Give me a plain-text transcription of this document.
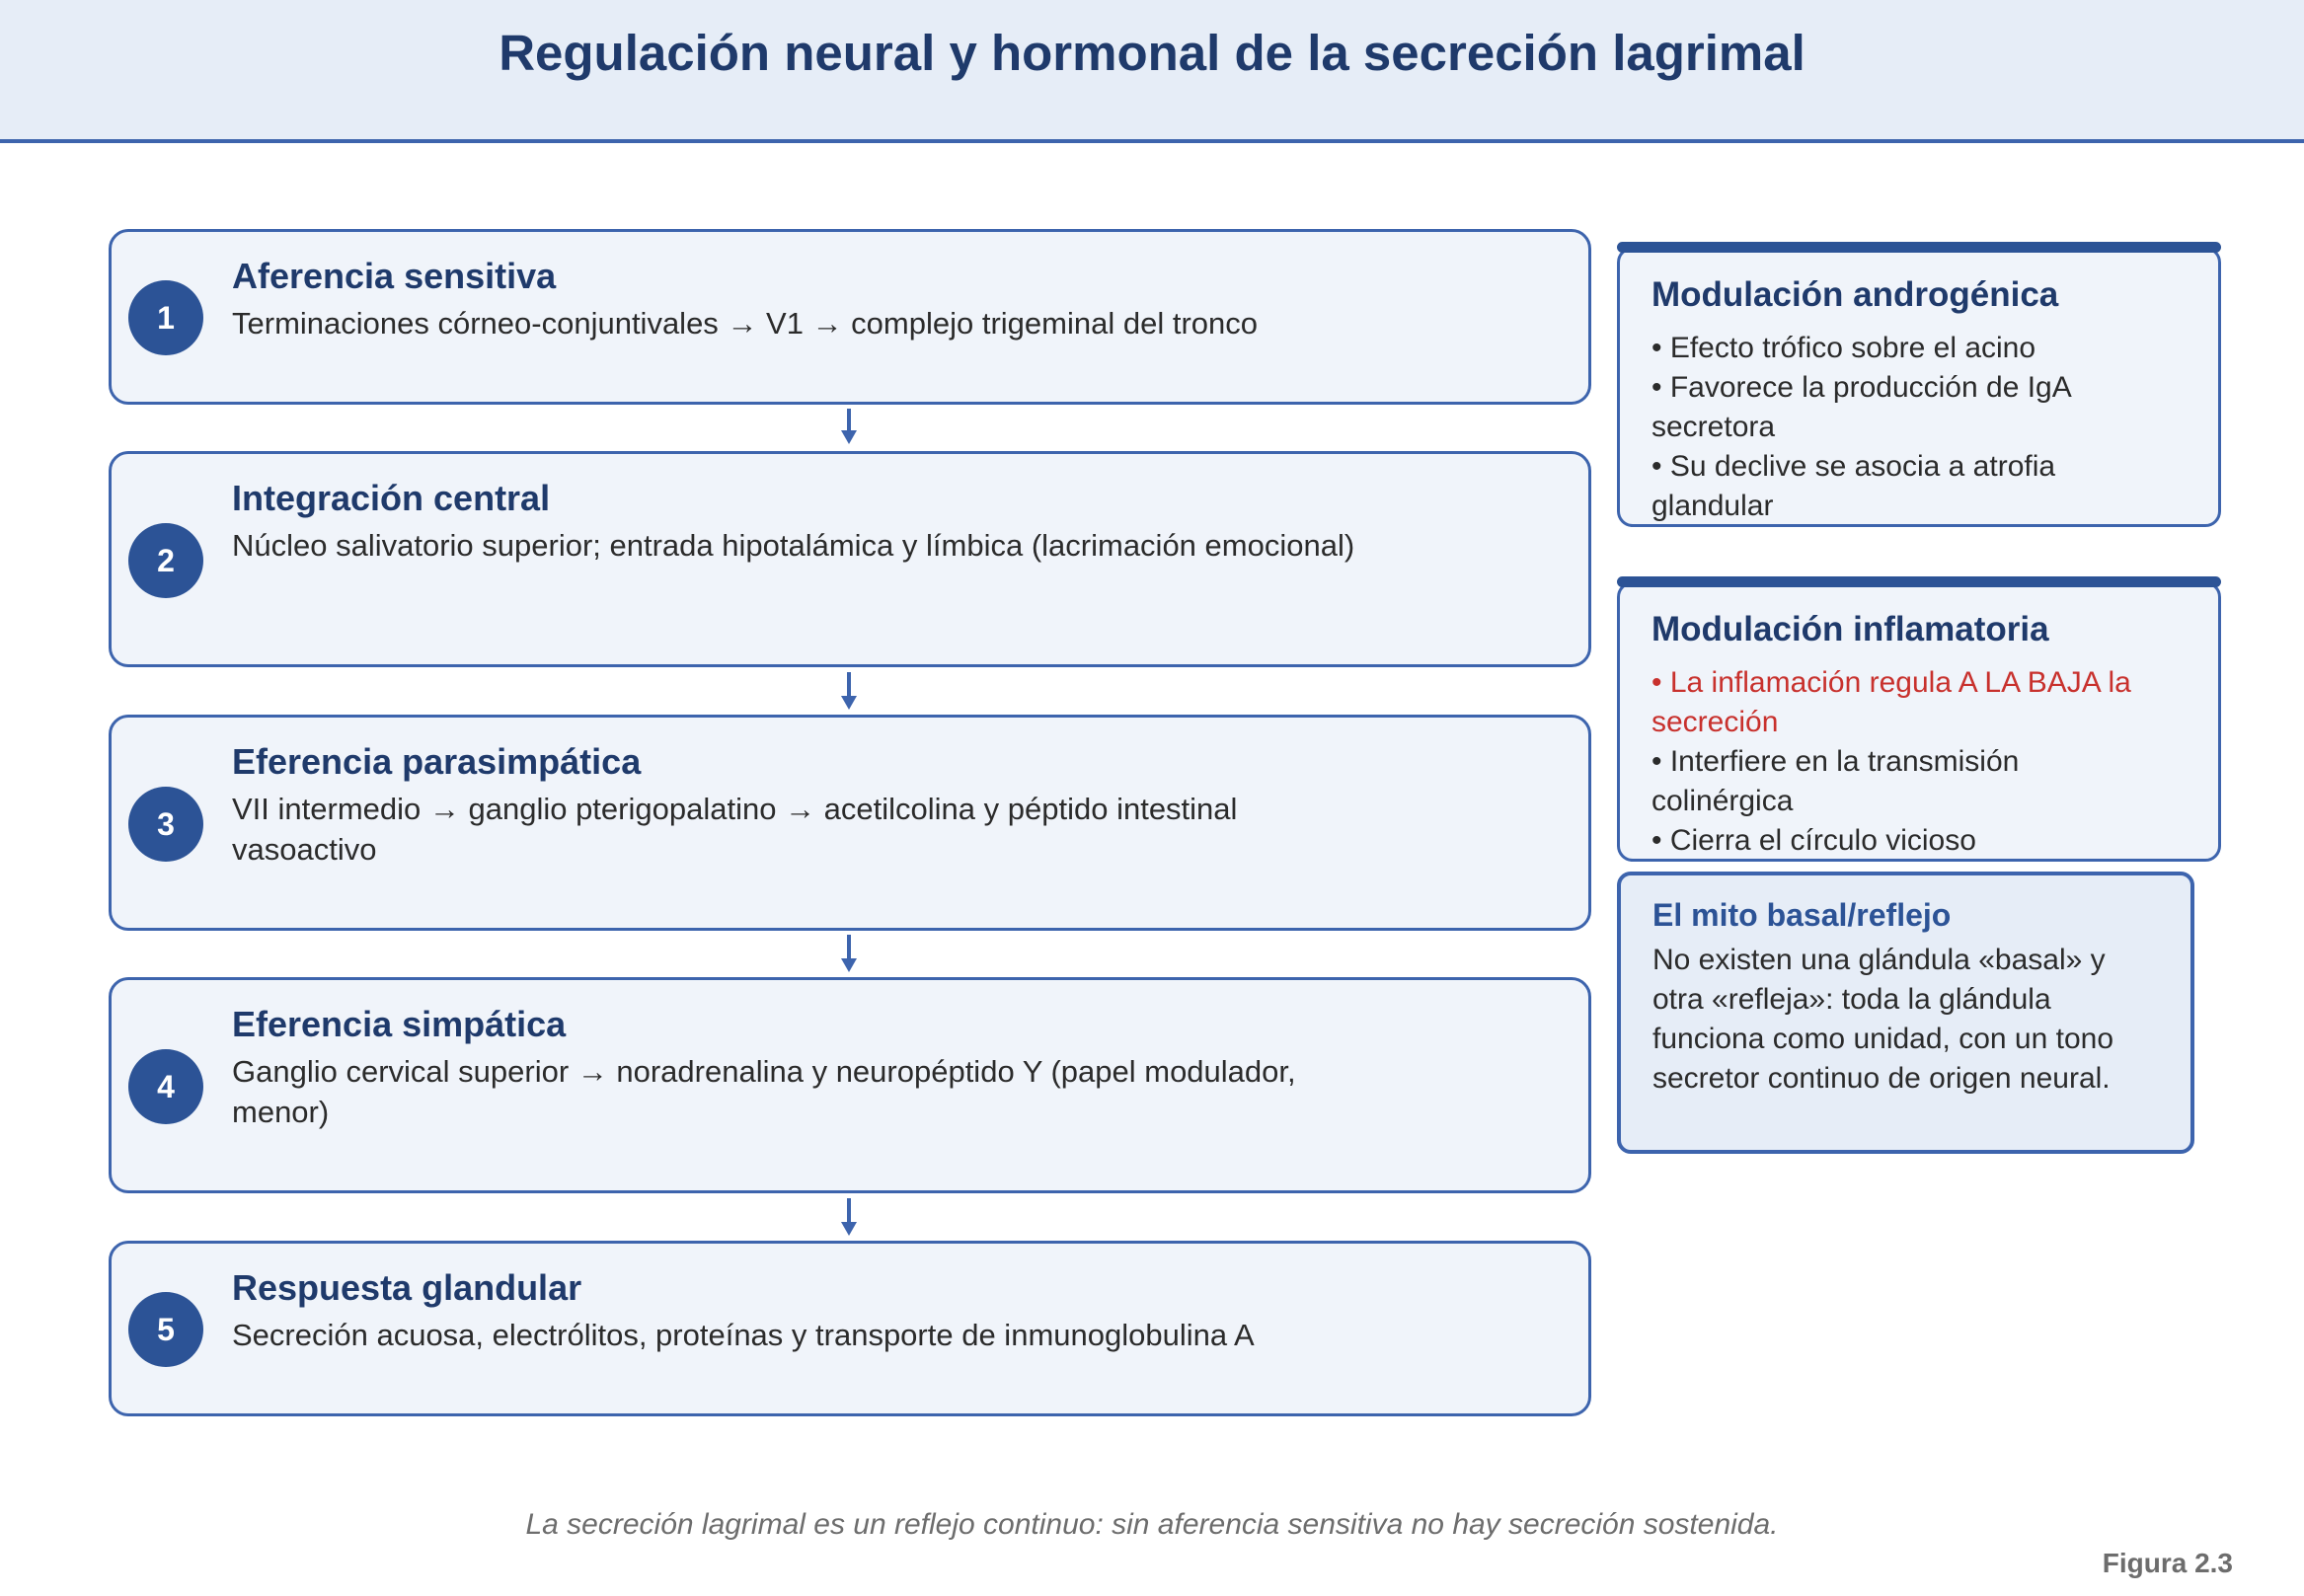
Regulación neural y hormonal de la secreción lagrimal
1
Aferencia sensitiva
Terminaciones córneo-conjuntivales → V1 → complejo trigeminal del tronco
2
Integración central
Núcleo salivatorio superior; entrada hipotalámica y límbica (lacrimación emocional)
3
Eferencia parasimpática
VII intermedio → ganglio pterigopalatino → acetilcolina y péptido intestinal vasoactivo
4
Eferencia simpática
Ganglio cervical superior → noradrenalina y neuropéptido Y (papel modulador, menor)
5
Respuesta glandular
Secreción acuosa, electrólitos, proteínas y transporte de inmunoglobulina A
Modulación androgénica
• Efecto trófico sobre el acino
• Favorece la producción de IgA secretora
• Su declive se asocia a atrofia glandular
Modulación inflamatoria
• La inflamación regula A LA BAJA la secreción
• Interfiere en la transmisión colinérgica
• Cierra el círculo vicioso
El mito basal/reflejo
No existen una glándula «basal» y otra «refleja»: toda la glándula funciona como unidad, con un tono secretor continuo de origen neural.
La secreción lagrimal es un reflejo continuo: sin aferencia sensitiva no hay secreción sostenida.
Figura 2.3
